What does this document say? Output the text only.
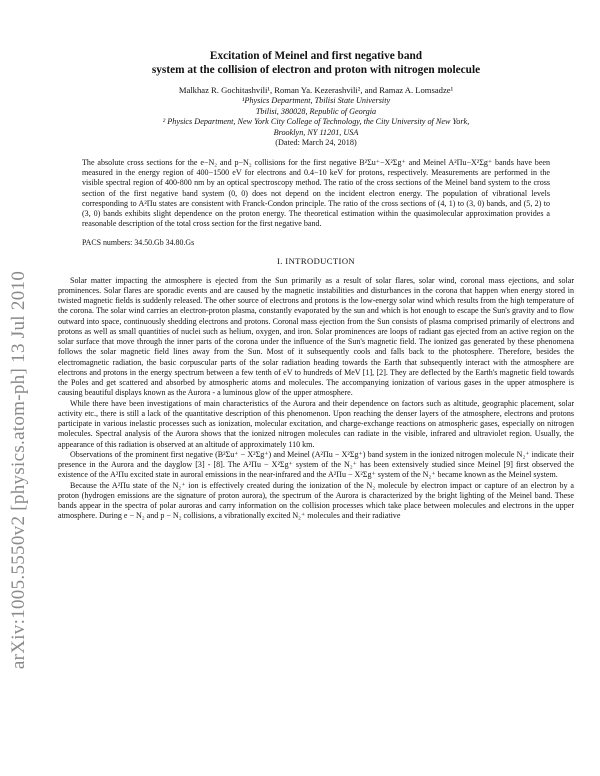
arXiv:1005.5550v2 [physics.atom-ph] 13 Jul 2010
Excitation of Meinel and first negative band
system at the collision of electron and proton with nitrogen molecule
Malkhaz R. Gochitashvili¹, Roman Ya. Kezerashvili², and Ramaz A. Lomsadze¹
¹Physics Department, Tbilisi State University
Tbilisi, 380028, Republic of Georgia
² Physics Department, New York City College of Technology, the City University of New York,
Brooklyn, NY 11201, USA
(Dated: March 24, 2018)
The absolute cross sections for the e−N₂ and p−N₂ collisions for the first negative B²Σu⁺−X²Σg⁺ and Meinel A²Πu−X²Σg⁺ bands have been measured in the energy region of 400−1500 eV for electrons and 0.4−10 keV for protons, respectively. Measurements are performed in the visible spectral region of 400-800 nm by an optical spectroscopy method. The ratio of the cross sections of the Meinel band system to the cross section of the first negative band system (0, 0) does not depend on the incident electron energy. The population of vibrational levels corresponding to A²Πu states are consistent with Franck-Condon principle. The ratio of the cross sections of (4, 1) to (3, 0) bands, and (5, 2) to (3, 0) bands exhibits slight dependence on the proton energy. The theoretical estimation within the quasimolecular approximation provides a reasonable description of the total cross section for the first negative band.
PACS numbers: 34.50.Gb 34.80.Gs
I. INTRODUCTION

Solar matter impacting the atmosphere is ejected from the Sun primarily as a result of solar flares, solar wind, coronal mass ejections, and solar prominences. Solar flares are sporadic events and are caused by the magnetic instabilities and disturbances in the corona that happen when energy stored in twisted magnetic fields is suddenly released. The other source of electrons and protons is the low-energy solar wind which results from the high temperature of the corona. The solar wind carries an electron-proton plasma, constantly evaporated by the sun and which is hot enough to escape the Sun's gravity and to flow outward into space, continuously shedding electrons and protons. Coronal mass ejection from the Sun consists of plasma comprised primarily of electrons and protons as well as small quantities of nuclei such as helium, oxygen, and iron. Solar prominences are loops of radiant gas ejected from an active region on the solar surface that move through the inner parts of the corona under the influence of the Sun's magnetic field. The ionized gas generated by these phenomena follows the solar magnetic field lines away from the Sun. Most of it subsequently cools and falls back to the photosphere. Therefore, besides the electromagnetic radiation, the basic corpuscular parts of the solar radiation heading towards the Earth that subsequently interact with the atmosphere are electrons and protons in the energy spectrum between a few tenth of eV to hundreds of MeV [1], [2]. They are deflected by the Earth's magnetic field towards the Poles and get scattered and absorbed by atmospheric atoms and molecules. The accompanying ionization of various gases in the upper atmosphere is causing beautiful displays known as the Aurora - a luminous glow of the upper atmosphere.

While there have been investigations of main characteristics of the Aurora and their dependence on factors such as altitude, geographic placement, solar activity etc., there is still a lack of the quantitative description of this phenomenon. Upon reaching the denser layers of the atmosphere, electrons and protons participate in various inelastic processes such as ionization, molecular excitation, and charge-exchange reactions on atmospheric gases, especially on nitrogen molecules. Spectral analysis of the Aurora shows that the ionized nitrogen molecules can radiate in the visible, infrared and ultraviolet region. Usually, the appearance of this radiation is observed at an altitude of approximately 110 km.

Observations of the prominent first negative (B²Σu⁺ − X²Σg⁺) and Meinel (A²Πu − X²Σg⁺) band system in the ionized nitrogen molecule N₂⁺ indicate their presence in the Aurora and the dayglow [3] - [8]. The A²Πu − X²Σg⁺ system of the N₂⁺ has been extensively studied since Meinel [9] first observed the existence of the A²Πu excited state in auroral emissions in the near-infrared and the A²Πu − X²Σg⁺ system of the N₂⁺ became known as the Meinel system.

Because the A²Πu state of the N₂⁺ ion is effectively created during the ionization of the N₂ molecule by electron impact or capture of an electron by a proton (hydrogen emissions are the signature of proton aurora), the spectrum of the Aurora is characterized by the bright lighting of the Meinel band. These bands appear in the spectra of polar auroras and carry information on the collision processes which take place between molecules and electrons in the upper atmosphere. During e − N₂ and p − N₂ collisions, a vibrationally excited N₂⁺ molecules and their radiative
